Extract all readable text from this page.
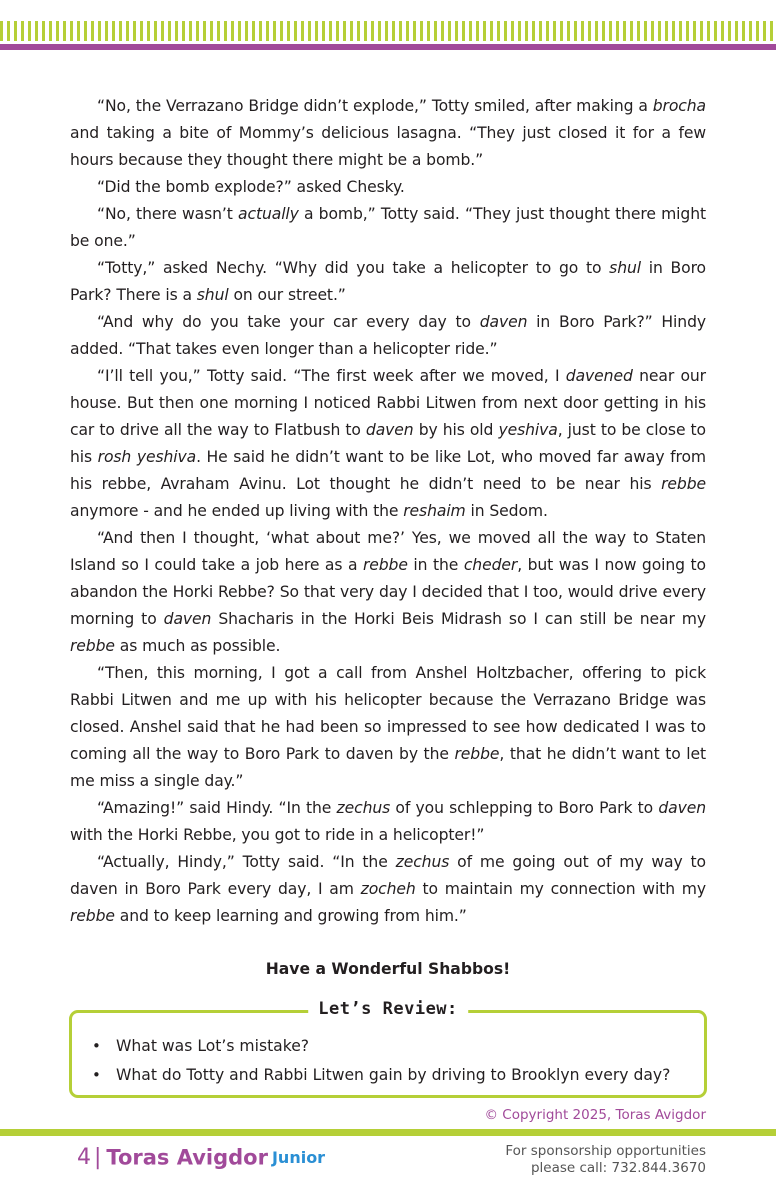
“No, the Verrazano Bridge didn’t explode,” Totty smiled, after making a brocha and taking a bite of Mommy’s delicious lasagna. “They just closed it for a few hours because they thought there might be a bomb.”

“Did the bomb explode?” asked Chesky.

“No, there wasn’t actually a bomb,” Totty said. “They just thought there might be one.”

“Totty,” asked Nechy. “Why did you take a helicopter to go to shul in Boro Park? There is a shul on our street.”

“And why do you take your car every day to daven in Boro Park?” Hindy added. “That takes even longer than a helicopter ride.”

“I’ll tell you,” Totty said. “The first week after we moved, I davened near our house. But then one morning I noticed Rabbi Litwen from next door getting in his car to drive all the way to Flatbush to daven by his old yeshiva, just to be close to his rosh yeshiva. He said he didn’t want to be like Lot, who moved far away from his rebbe, Avraham Avinu. Lot thought he didn’t need to be near his rebbe anymore - and he ended up living with the reshaim in Sedom.

“And then I thought, ‘what about me?’ Yes, we moved all the way to Staten Island so I could take a job here as a rebbe in the cheder, but was I now going to abandon the Horki Rebbe? So that very day I decided that I too, would drive every morning to daven Shacharis in the Horki Beis Midrash so I can still be near my rebbe as much as possible.

“Then, this morning, I got a call from Anshel Holtzbacher, offering to pick Rabbi Litwen and me up with his helicopter because the Verrazano Bridge was closed. Anshel said that he had been so impressed to see how dedicated I was to coming all the way to Boro Park to daven by the rebbe, that he didn’t want to let me miss a single day.”

“Amazing!” said Hindy. “In the zechus of you schlepping to Boro Park to daven with the Horki Rebbe, you got to ride in a helicopter!”

“Actually, Hindy,” Totty said. “In the zechus of me going out of my way to daven in Boro Park every day, I am zocheh to maintain my connection with my rebbe and to keep learning and growing from him.”

Have a Wonderful Shabbos!
Let’s Review:
• What was Lot’s mistake?
• What do Totty and Rabbi Litwen gain by driving to Brooklyn every day?
© Copyright 2025, Toras Avigdor
4 | Toras Avigdor Junior	For sponsorship opportunities
please call: 732.844.3670
